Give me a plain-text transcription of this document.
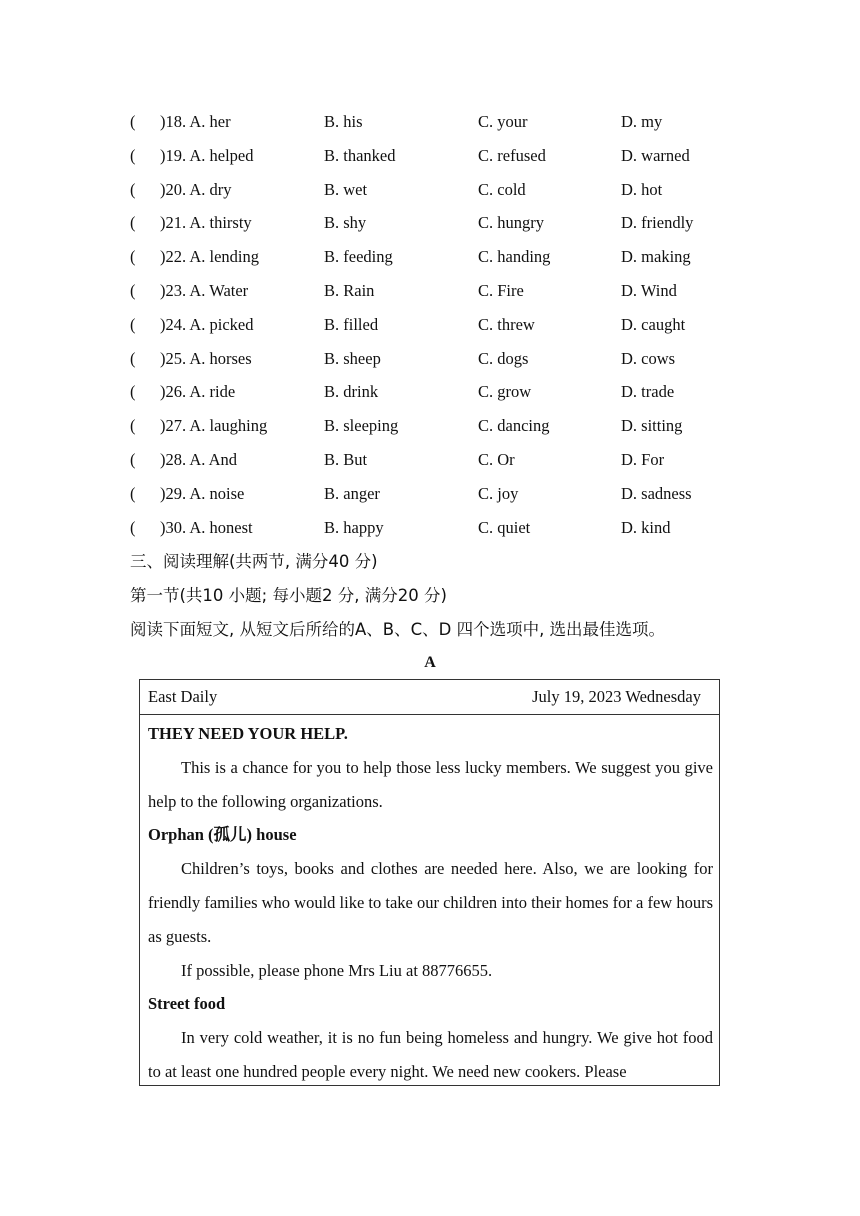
( )18. A. her	B. his	C. your	D. my
( )19. A. helped	B. thanked	C. refused	D. warned
( )20. A. dry	B. wet	C. cold	D. hot
( )21. A. thirsty	B. shy	C. hungry	D. friendly
( )22. A. lending	B. feeding	C. handing	D. making
( )23. A. Water	B. Rain	C. Fire	D. Wind
( )24. A. picked	B. filled	C. threw	D. caught
( )25. A. horses	B. sheep	C. dogs	D. cows
( )26. A. ride	B. drink	C. grow	D. trade
( )27. A. laughing	B. sleeping	C. dancing	D. sitting
( )28. A. And	B. But	C. Or	D. For
( )29. A. noise	B. anger	C. joy	D. sadness
( )30. A. honest	B. happy	C. quiet	D. kind
三、阅读理解(共两节, 满分40 分)
第一节(共10 小题; 每小题2 分, 满分20 分)
阅读下面短文, 从短文后所给的A、B、C、D 四个选项中, 选出最佳选项。
A
East Daily	July 19, 2023 Wednesday

THEY NEED YOUR HELP.

This is a chance for you to help those less lucky members. We suggest you give help to the following organizations.

Orphan (孤儿) house

Children’s toys, books and clothes are needed here. Also, we are looking for friendly families who would like to take our children into their homes for a few hours as guests.

If possible, please phone Mrs Liu at 88776655.

Street food

In very cold weather, it is no fun being homeless and hungry. We give hot food to at least one hundred people every night. We need new cookers. Please
